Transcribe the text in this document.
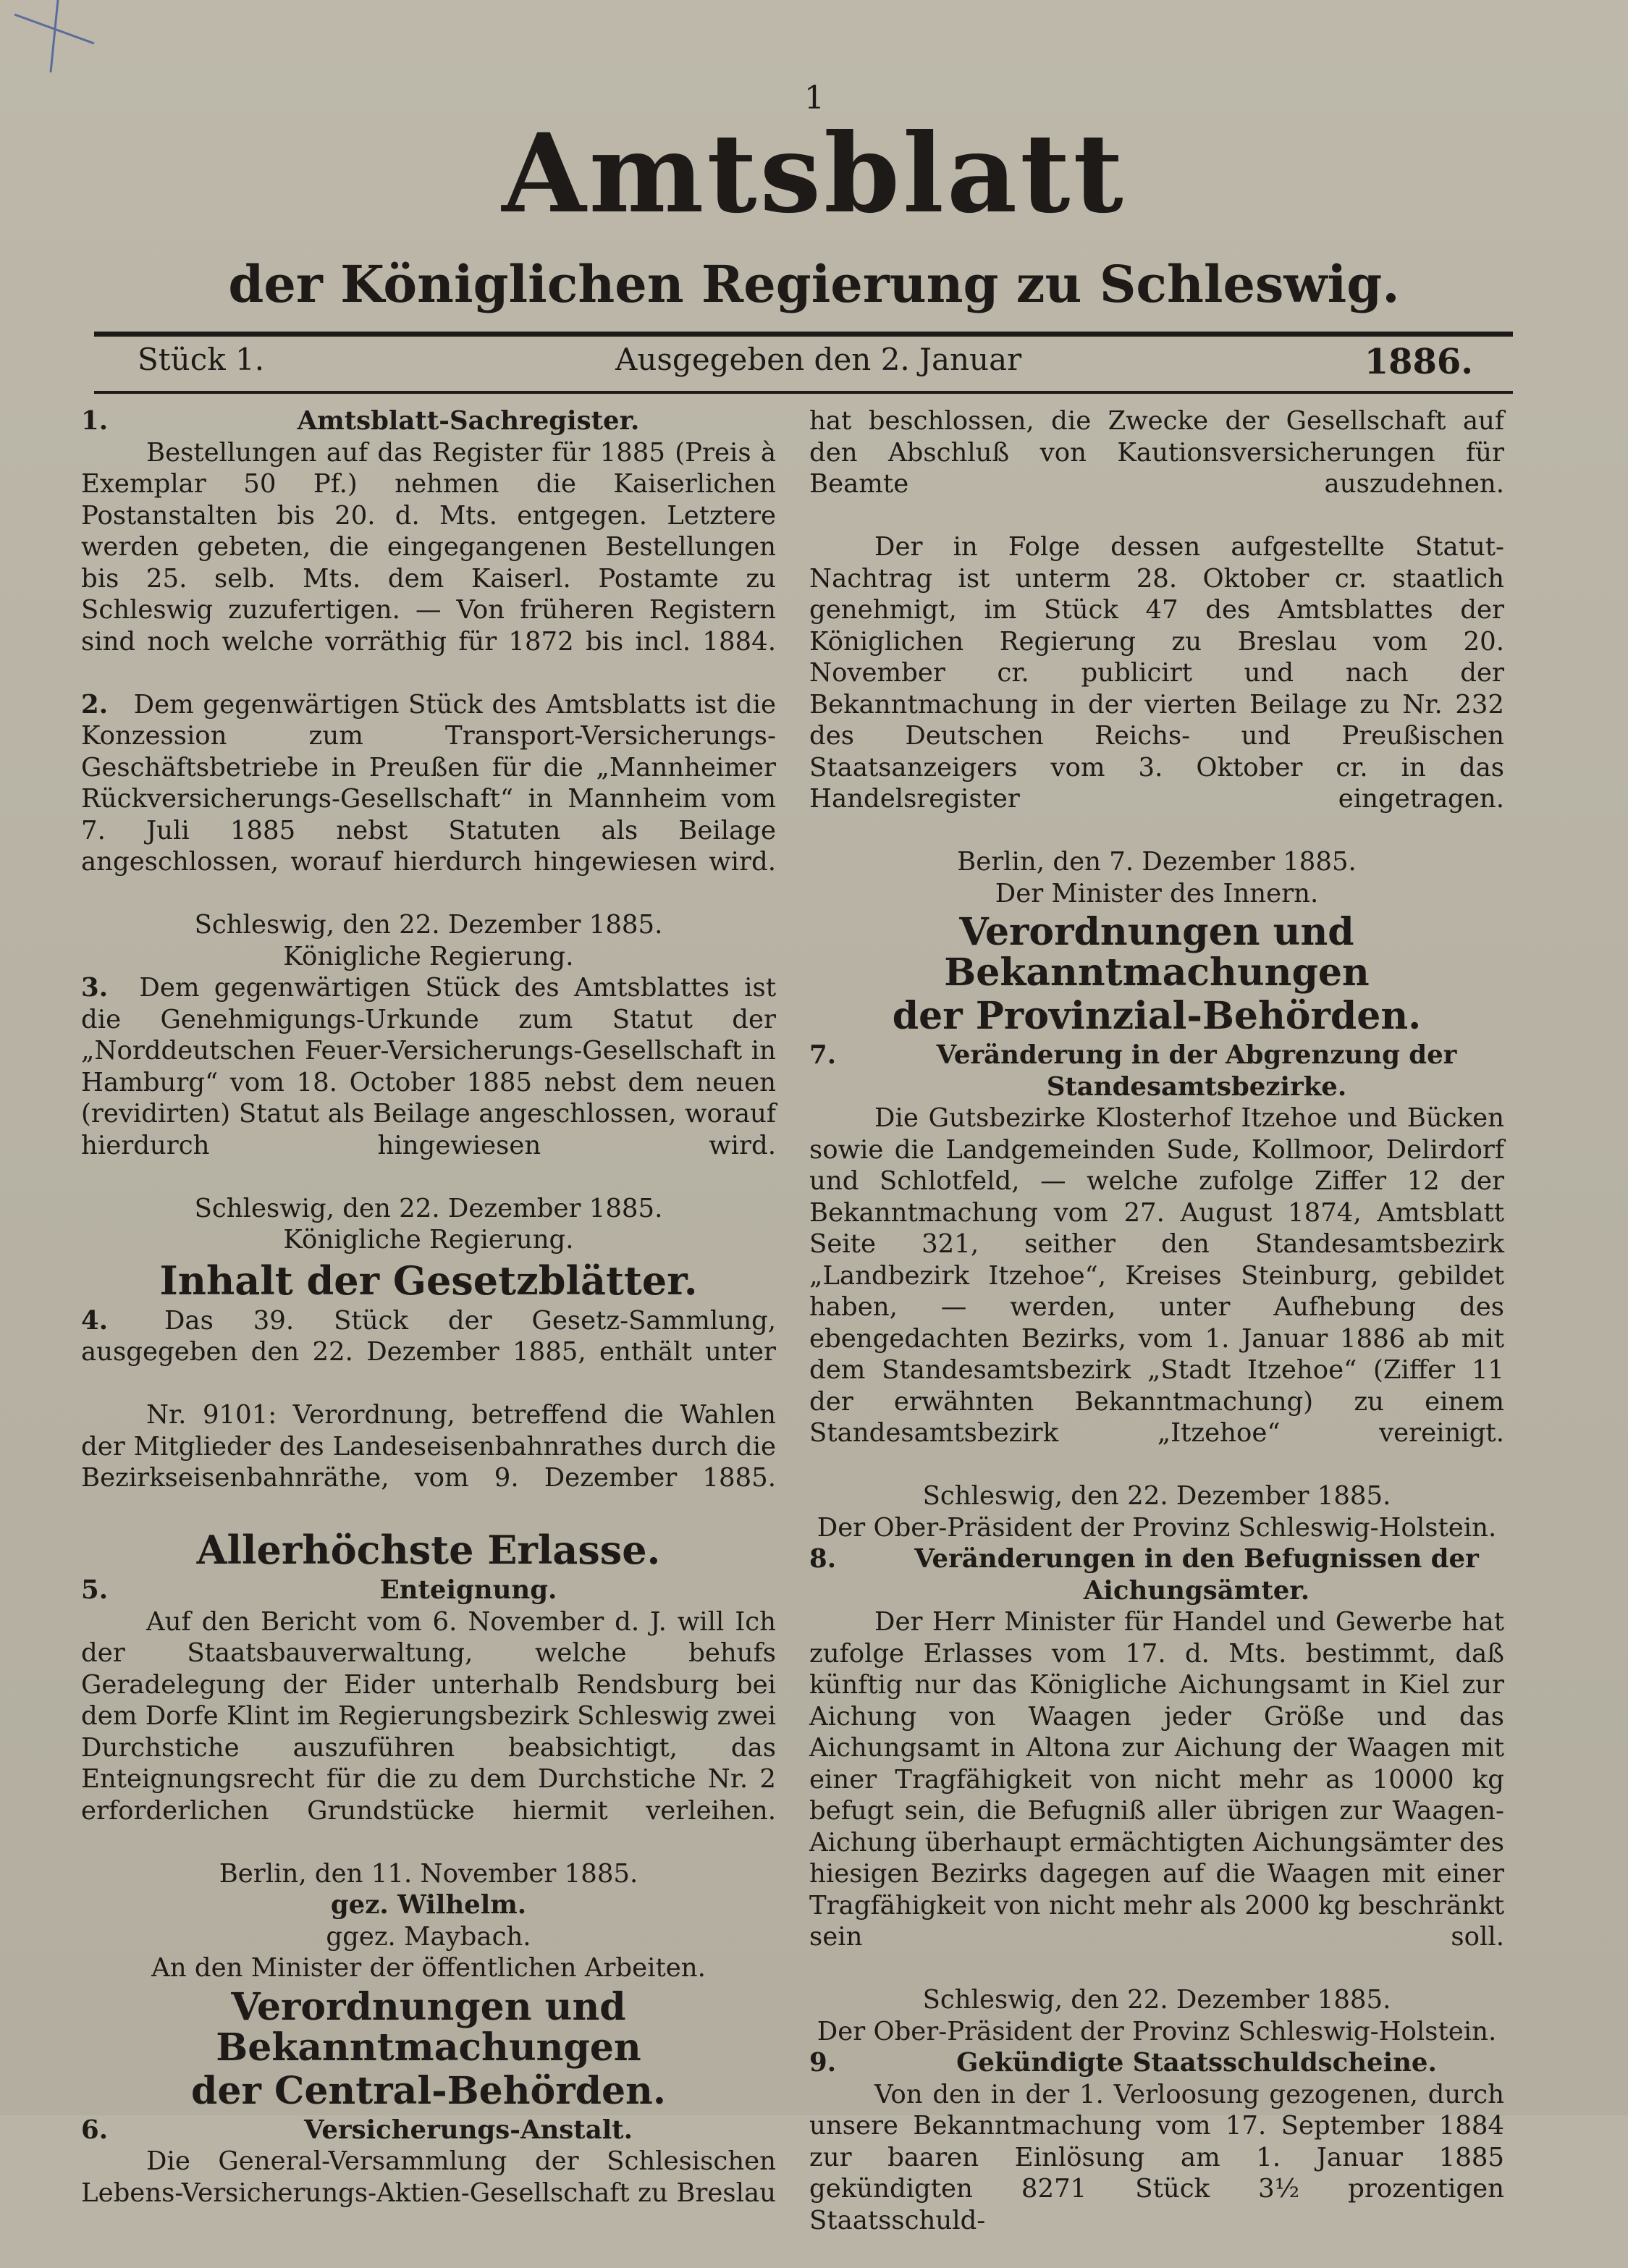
1
Amtsblatt
der Königlichen Regierung zu Schleswig.
Stück 1.	Ausgegeben den 2. Januar	1886.
1.	Amtsblatt-Sachregister.
Bestellungen auf das Register für 1885 (Preis à Exemplar 50 Pf.) nehmen die Kaiserlichen Postanstalten bis 20. d. Mts. entgegen. Letztere werden gebeten, die eingegangenen Bestellungen bis 25. selb. Mts. dem Kaiserl. Postamte zu Schleswig zuzufertigen. — Von früheren Registern sind noch welche vorräthig für 1872 bis incl. 1884.
2. Dem gegenwärtigen Stück des Amtsblatts ist die Konzession zum Transport-Versicherungs-Geschäftsbetriebe in Preußen für die „Mannheimer Rückversicherungs-Gesellschaft“ in Mannheim vom 7. Juli 1885 nebst Statuten als Beilage angeschlossen, worauf hierdurch hingewiesen wird.
Schleswig, den 22. Dezember 1885.
Königliche Regierung.
3. Dem gegenwärtigen Stück des Amtsblattes ist die Genehmigungs-Urkunde zum Statut der „Norddeutschen Feuer-Versicherungs-Gesellschaft in Hamburg“ vom 18. October 1885 nebst dem neuen (revidirten) Statut als Beilage angeschlossen, worauf hierdurch hingewiesen wird.
Schleswig, den 22. Dezember 1885.
Königliche Regierung.
Inhalt der Gesetzblätter.
4. Das 39. Stück der Gesetz-Sammlung, ausgegeben den 22. Dezember 1885, enthält unter
Nr. 9101: Verordnung, betreffend die Wahlen der Mitglieder des Landeseisenbahnrathes durch die Bezirkseisenbahnräthe, vom 9. Dezember 1885.
Allerhöchste Erlasse.
5.	Enteignung.
Auf den Bericht vom 6. November d. J. will Ich der Staatsbauverwaltung, welche behufs Geradelegung der Eider unterhalb Rendsburg bei dem Dorfe Klint im Regierungsbezirk Schleswig zwei Durchstiche auszuführen beabsichtigt, das Enteignungsrecht für die zu dem Durchstiche Nr. 2 erforderlichen Grundstücke hiermit verleihen.
Berlin, den 11. November 1885.
gez. Wilhelm.
ggez. Maybach.
An den Minister der öffentlichen Arbeiten.
Verordnungen und Bekanntmachungen
der Central-Behörden.
6.	Versicherungs-Anstalt.
Die General-Versammlung der Schlesischen Lebens-Versicherungs-Aktien-Gesellschaft zu Breslau
hat beschlossen, die Zwecke der Gesellschaft auf den Abschluß von Kautionsversicherungen für Beamte auszudehnen.
Der in Folge dessen aufgestellte Statut-Nachtrag ist unterm 28. Oktober cr. staatlich genehmigt, im Stück 47 des Amtsblattes der Königlichen Regierung zu Breslau vom 20. November cr. publicirt und nach der Bekanntmachung in der vierten Beilage zu Nr. 232 des Deutschen Reichs- und Preußischen Staatsanzeigers vom 3. Oktober cr. in das Handelsregister eingetragen.
Berlin, den 7. Dezember 1885.
Der Minister des Innern.
Verordnungen und Bekanntmachungen
der Provinzial-Behörden.
7.	Veränderung in der Abgrenzung der Standesamtsbezirke.
Die Gutsbezirke Klosterhof Itzehoe und Bücken sowie die Landgemeinden Sude, Kollmoor, Delirdorf und Schlotfeld, — welche zufolge Ziffer 12 der Bekanntmachung vom 27. August 1874, Amtsblatt Seite 321, seither den Standesamtsbezirk „Landbezirk Itzehoe“, Kreises Steinburg, gebildet haben, — werden, unter Aufhebung des ebengedachten Bezirks, vom 1. Januar 1886 ab mit dem Standesamtsbezirk „Stadt Itzehoe“ (Ziffer 11 der erwähnten Bekanntmachung) zu einem Standesamtsbezirk „Itzehoe“ vereinigt.
Schleswig, den 22. Dezember 1885.
Der Ober-Präsident der Provinz Schleswig-Holstein.
8.	Veränderungen in den Befugnissen der Aichungsämter.
Der Herr Minister für Handel und Gewerbe hat zufolge Erlasses vom 17. d. Mts. bestimmt, daß künftig nur das Königliche Aichungsamt in Kiel zur Aichung von Waagen jeder Größe und das Aichungsamt in Altona zur Aichung der Waagen mit einer Tragfähigkeit von nicht mehr as 10000 kg befugt sein, die Befugniß aller übrigen zur Waagen-Aichung überhaupt ermächtigten Aichungsämter des hiesigen Bezirks dagegen auf die Waagen mit einer Tragfähigkeit von nicht mehr als 2000 kg beschränkt sein soll.
Schleswig, den 22. Dezember 1885.
Der Ober-Präsident der Provinz Schleswig-Holstein.
9.	Gekündigte Staatsschuldscheine.
Von den in der 1. Verloosung gezogenen, durch unsere Bekanntmachung vom 17. September 1884 zur baaren Einlösung am 1. Januar 1885 gekündigten 8271 Stück 3½ prozentigen Staatsschuld-
